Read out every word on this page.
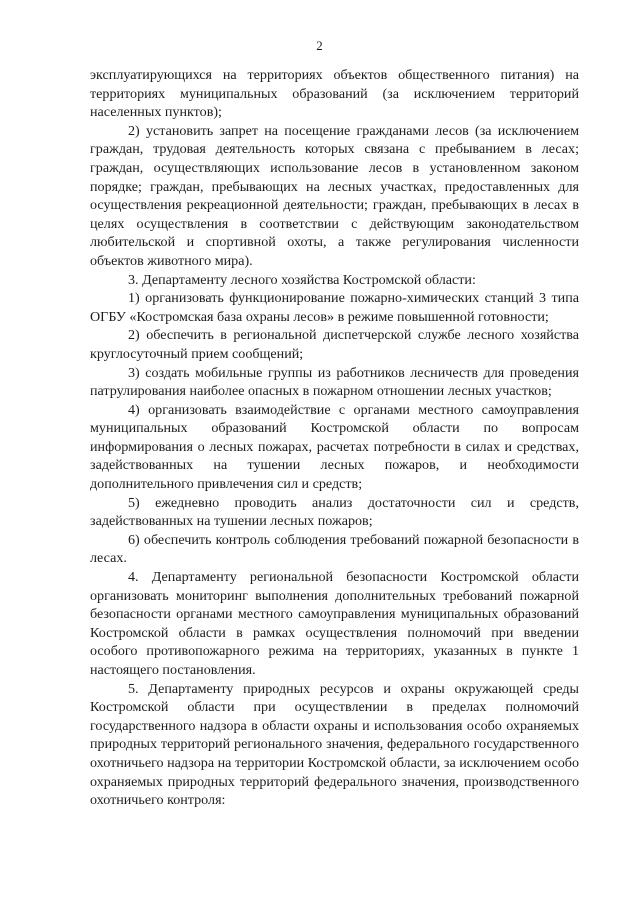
2

эксплуатирующихся на территориях объектов общественного питания) на территориях муниципальных образований (за исключением территорий населенных пунктов);

2) установить запрет на посещение гражданами лесов (за исключением граждан, трудовая деятельность которых связана с пребыванием в лесах; граждан, осуществляющих использование лесов в установленном законом порядке; граждан, пребывающих на лесных участках, предоставленных для осуществления рекреационной деятельности; граждан, пребывающих в лесах в целях осуществления в соответствии с действующим законодательством любительской и спортивной охоты, а также регулирования численности объектов животного мира).

3. Департаменту лесного хозяйства Костромской области:

1) организовать функционирование пожарно-химических станций 3 типа ОГБУ «Костромская база охраны лесов» в режиме повышенной готовности;

2) обеспечить в региональной диспетчерской службе лесного хозяйства круглосуточный прием сообщений;

3) создать мобильные группы из работников лесничеств для проведения патрулирования наиболее опасных в пожарном отношении лесных участков;

4) организовать взаимодействие с органами местного самоуправления муниципальных образований Костромской области по вопросам информирования о лесных пожарах, расчетах потребности в силах и средствах, задействованных на тушении лесных пожаров, и необходимости дополнительного привлечения сил и средств;

5) ежедневно проводить анализ достаточности сил и средств, задействованных на тушении лесных пожаров;

6) обеспечить контроль соблюдения требований пожарной безопасности в лесах.

4. Департаменту региональной безопасности Костромской области организовать мониторинг выполнения дополнительных требований пожарной безопасности органами местного самоуправления муниципальных образований Костромской области в рамках осуществления полномочий при введении особого противопожарного режима на территориях, указанных в пункте 1 настоящего постановления.

5. Департаменту природных ресурсов и охраны окружающей среды Костромской области при осуществлении в пределах полномочий государственного надзора в области охраны и использования особо охраняемых природных территорий регионального значения, федерального государственного охотничьего надзора на территории Костромской области, за исключением особо охраняемых природных территорий федерального значения, производственного охотничьего контроля:
